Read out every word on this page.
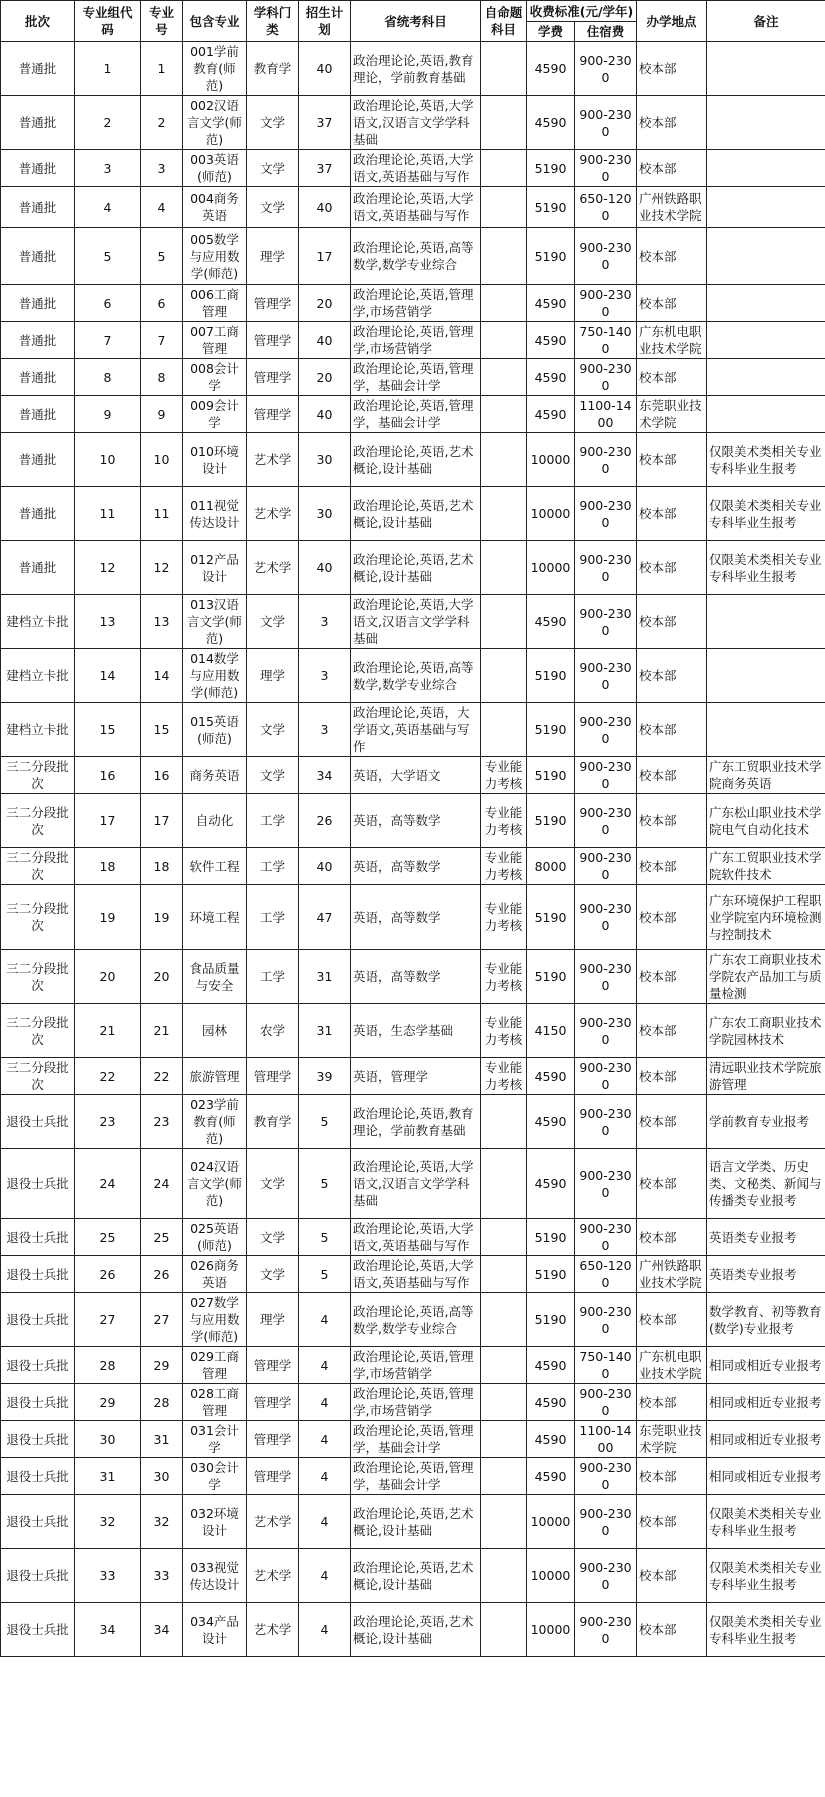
批次	专业组代码	专业号	包含专业	学科门类	招生计划	省统考科目	自命题科目	收费标准(元/学年)		办学地点	备注
								学费	住宿费		
普通批	1	1	001学前教育(师范)	教育学	40	政治理论论,英语,教育理论，学前教育基础		4590	900-2300	校本部	
普通批	2	2	002汉语言文学(师范)	文学	37	政治理论论,英语,大学语文,汉语言文学学科基础		4590	900-2300	校本部	
普通批	3	3	003英语(师范)	文学	37	政治理论论,英语,大学语文,英语基础与写作		5190	900-2300	校本部	
普通批	4	4	004商务英语	文学	40	政治理论论,英语,大学语文,英语基础与写作		5190	650-1200	广州铁路职业技术学院	
普通批	5	5	005数学与应用数学(师范)	理学	17	政治理论论,英语,高等数学,数学专业综合		5190	900-2300	校本部	
普通批	6	6	006工商管理	管理学	20	政治理论论,英语,管理学,市场营销学		4590	900-2300	校本部	
普通批	7	7	007工商管理	管理学	40	政治理论论,英语,管理学,市场营销学		4590	750-1400	广东机电职业技术学院	
普通批	8	8	008会计学	管理学	20	政治理论论,英语,管理学，基础会计学		4590	900-2300	校本部	
普通批	9	9	009会计学	管理学	40	政治理论论,英语,管理学，基础会计学		4590	1100-1400	东莞职业技术学院	
普通批	10	10	010环境设计	艺术学	30	政治理论论,英语,艺术概论,设计基础		10000	900-2300	校本部	仅限美术类相关专业专科毕业生报考
普通批	11	11	011视觉传达设计	艺术学	30	政治理论论,英语,艺术概论,设计基础		10000	900-2300	校本部	仅限美术类相关专业专科毕业生报考
普通批	12	12	012产品设计	艺术学	40	政治理论论,英语,艺术概论,设计基础		10000	900-2300	校本部	仅限美术类相关专业专科毕业生报考
建档立卡批	13	13	013汉语言文学(师范)	文学	3	政治理论论,英语,大学语文,汉语言文学学科基础		4590	900-2300	校本部	
建档立卡批	14	14	014数学与应用数学(师范)	理学	3	政治理论论,英语,高等数学,数学专业综合		5190	900-2300	校本部	
建档立卡批	15	15	015英语(师范)	文学	3	政治理论论,英语，大学语文,英语基础与写作		5190	900-2300	校本部	
三二分段批次	16	16	商务英语	文学	34	英语，大学语文	专业能力考核	5190	900-2300	校本部	广东工贸职业技术学院商务英语
三二分段批次	17	17	自动化	工学	26	英语，高等数学	专业能力考核	5190	900-2300	校本部	广东松山职业技术学院电气自动化技术
三二分段批次	18	18	软件工程	工学	40	英语，高等数学	专业能力考核	8000	900-2300	校本部	广东工贸职业技术学院软件技术
三二分段批次	19	19	环境工程	工学	47	英语，高等数学	专业能力考核	5190	900-2300	校本部	广东环境保护工程职业学院室内环境检测与控制技术
三二分段批次	20	20	食品质量与安全	工学	31	英语，高等数学	专业能力考核	5190	900-2300	校本部	广东农工商职业技术学院农产品加工与质量检测
三二分段批次	21	21	园林	农学	31	英语，生态学基础	专业能力考核	4150	900-2300	校本部	广东农工商职业技术学院园林技术
三二分段批次	22	22	旅游管理	管理学	39	英语，管理学	专业能力考核	4590	900-2300	校本部	清远职业技术学院旅游管理
退役士兵批	23	23	023学前教育(师范)	教育学	5	政治理论论,英语,教育理论，学前教育基础		4590	900-2300	校本部	学前教育专业报考
退役士兵批	24	24	024汉语言文学(师范)	文学	5	政治理论论,英语,大学语文,汉语言文学学科基础		4590	900-2300	校本部	语言文学类、历史类、文秘类、新闻与传播类专业报考
退役士兵批	25	25	025英语(师范)	文学	5	政治理论论,英语,大学语文,英语基础与写作		5190	900-2300	校本部	英语类专业报考
退役士兵批	26	26	026商务英语	文学	5	政治理论论,英语,大学语文,英语基础与写作		5190	650-1200	广州铁路职业技术学院	英语类专业报考
退役士兵批	27	27	027数学与应用数学(师范)	理学	4	政治理论论,英语,高等数学,数学专业综合		5190	900-2300	校本部	数学教育、初等教育(数学)专业报考
退役士兵批	28	29	029工商管理	管理学	4	政治理论论,英语,管理学,市场营销学		4590	750-1400	广东机电职业技术学院	相同或相近专业报考
退役士兵批	29	28	028工商管理	管理学	4	政治理论论,英语,管理学,市场营销学		4590	900-2300	校本部	相同或相近专业报考
退役士兵批	30	31	031会计学	管理学	4	政治理论论,英语,管理学，基础会计学		4590	1100-1400	东莞职业技术学院	相同或相近专业报考
退役士兵批	31	30	030会计学	管理学	4	政治理论论,英语,管理学，基础会计学		4590	900-2300	校本部	相同或相近专业报考
退役士兵批	32	32	032环境设计	艺术学	4	政治理论论,英语,艺术概论,设计基础		10000	900-2300	校本部	仅限美术类相关专业专科毕业生报考
退役士兵批	33	33	033视觉传达设计	艺术学	4	政治理论论,英语,艺术概论,设计基础		10000	900-2300	校本部	仅限美术类相关专业专科毕业生报考
退役士兵批	34	34	034产品设计	艺术学	4	政治理论论,英语,艺术概论,设计基础		10000	900-2300	校本部	仅限美术类相关专业专科毕业生报考
